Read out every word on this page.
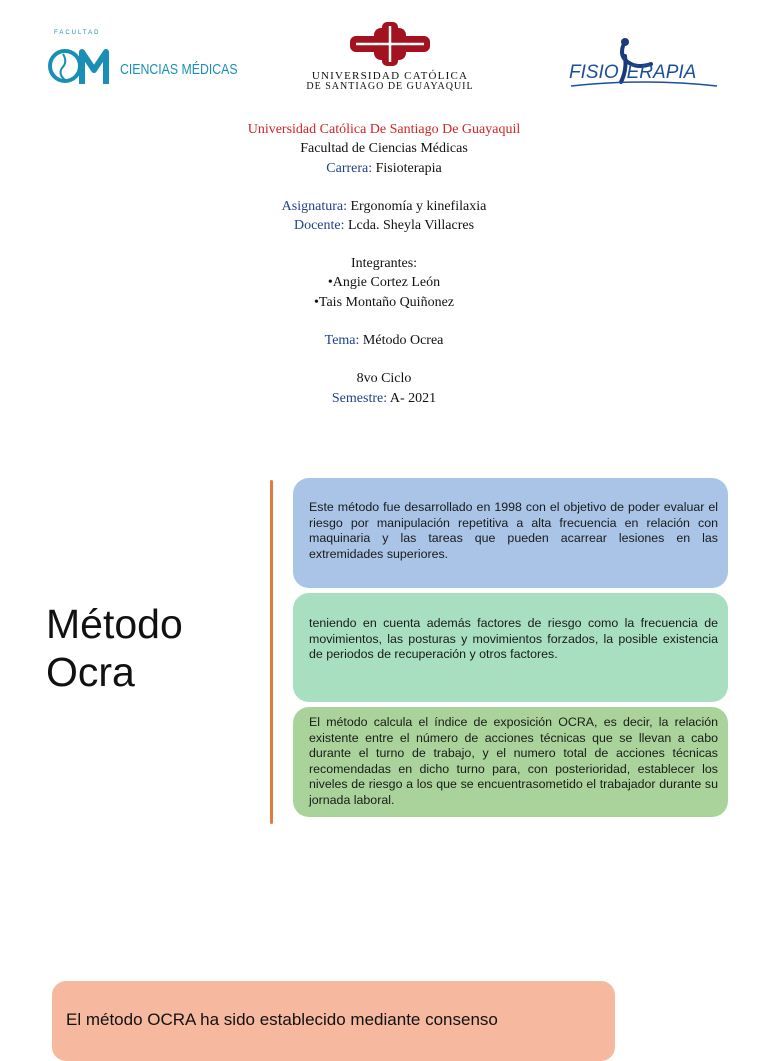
FACULTAD
CIENCIAS MÉDICAS	UNIVERSIDAD CATÓLICA
DE SANTIAGO DE GUAYAQUIL
FISIO ERAPIA
Universidad Católica De Santiago De Guayaquil
Facultad de Ciencias Médicas
Carrera: Fisioterapia
Asignatura: Ergonomía y kinefilaxia
Docente: Lcda. Sheyla Villacres
Integrantes:
•Angie Cortez León
•Tais Montaño Quiñonez
Tema: Método Ocrea
8vo Ciclo
Semestre: A- 2021
Método
Ocra
Este método fue desarrollado en 1998 con el objetivo de poder evaluar el riesgo por manipulación repetitiva a alta frecuencia en relación con maquinaria y las tareas que pueden acarrear lesiones en las extremidades superiores.
teniendo en cuenta además factores de riesgo como la frecuencia de movimientos, las posturas y movimientos forzados, la posible existencia de periodos de recuperación y otros factores.
El método calcula el índice de exposición OCRA, es decir, la relación existente entre el número de acciones técnicas que se llevan a cabo durante el turno de trabajo, y el numero total de acciones técnicas recomendadas en dicho turno para, con posterioridad, establecer los niveles de riesgo a los que se encuentrasometido el trabajador durante su jornada laboral.
El método OCRA ha sido establecido mediante consenso
